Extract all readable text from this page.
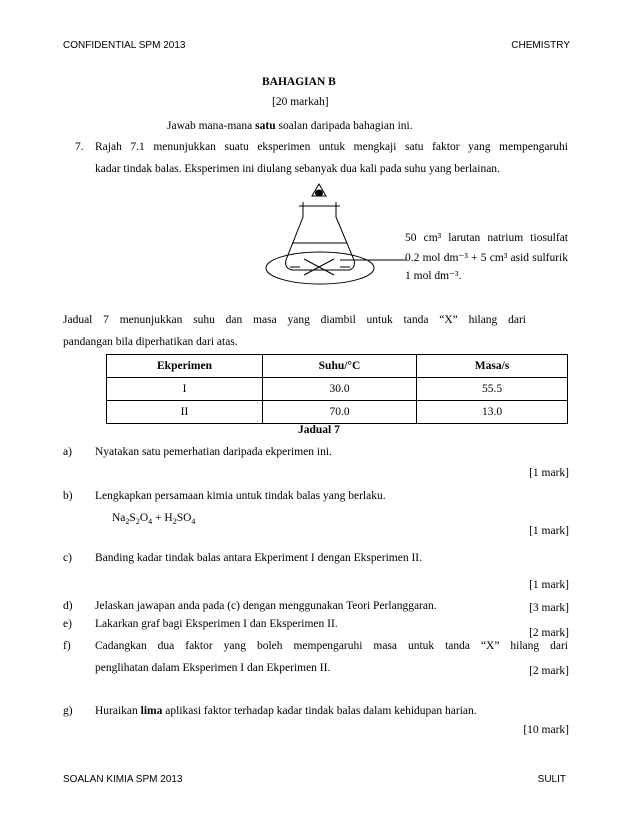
CONFIDENTIAL SPM 2013	CHEMISTRY
BAHAGIAN B
[20 markah]
Jawab mana-mana satu soalan daripada bahagian ini.
7. Rajah 7.1 menunjukkan suatu eksperimen untuk mengkaji satu faktor yang mempengaruhi
kadar tindak balas. Eksperimen ini diulang sebanyak dua kali pada suhu yang berlainan.
50 cm³ larutan natrium tiosulfat
0.2 mol dm⁻³ + 5 cm³ asid sulfurik
1 mol dm⁻³.
Jadual 7 menunjukkan suhu dan masa yang diambil untuk tanda “X” hilang dari
pandangan bila diperhatikan dari atas.
Ekperimen	Suhu/°C	Masa/s
I	30.0	55.5
II	70.0	13.0
Jadual 7
a) Nyatakan satu pemerhatian daripada ekperimen ini.
[1 mark]
b) Lengkapkan persamaan kimia untuk tindak balas yang berlaku.
$Na_2S_2O_4 + H_2SO_4$
[1 mark]
c) Banding kadar tindak balas antara Ekperiment I dengan Eksperimen II.
[1 mark]
d) Jelaskan jawapan anda pada (c) dengan menggunakan Teori Perlanggaran.	[3 mark]
e) Lakarkan graf bagi Eksperimen I dan Eksperimen II.
[2 mark]
f) Cadangkan dua faktor yang boleh mempengaruhi masa untuk tanda “X” hilang dari
penglihatan dalam Eksperimen I dan Ekperimen II.	[2 mark]
g) Huraikan lima aplikasi faktor terhadap kadar tindak balas dalam kehidupan harian.
[10 mark]
SOALAN KIMIA SPM 2013	SULIT
